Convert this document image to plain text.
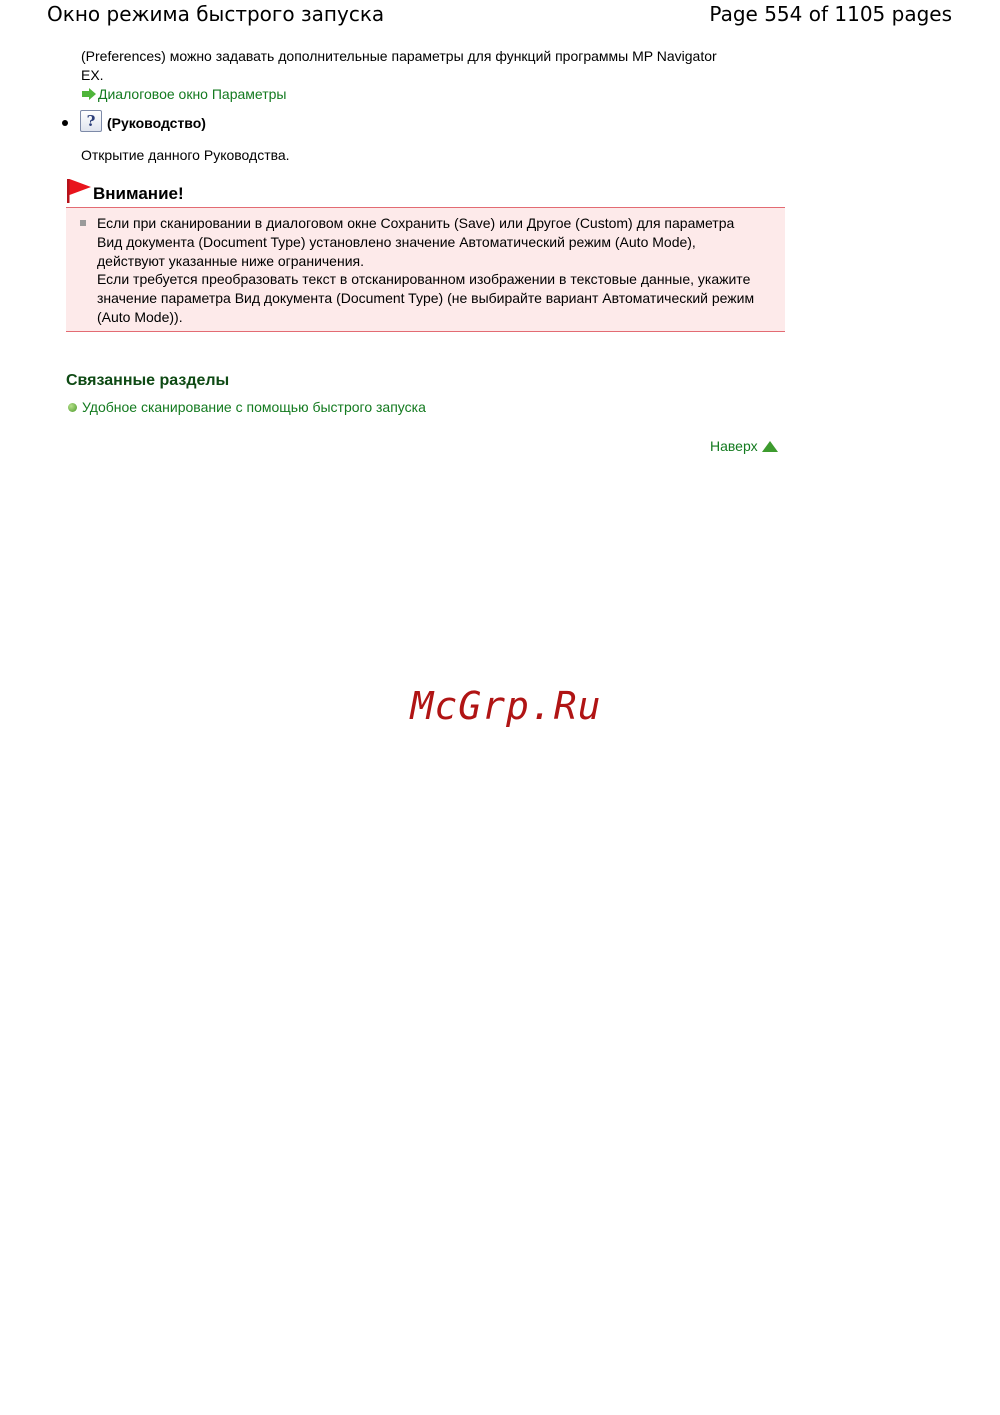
Окно режима быстрого запуска	Page 554 of 1105 pages
(Preferences) можно задавать дополнительные параметры для функций программы MP Navigator EX.
Диалоговое окно Параметры
? (Руководство)
Открытие данного Руководства.
Внимание!

Если при сканировании в диалоговом окне Сохранить (Save) или Другое (Custom) для параметра Вид документа (Document Type) установлено значение Автоматический режим (Auto Mode), действуют указанные ниже ограничения.

Если требуется преобразовать текст в отсканированном изображении в текстовые данные, укажите значение параметра Вид документа (Document Type) (не выбирайте вариант Автоматический режим (Auto Mode)).

Связанные разделы
Удобное сканирование с помощью быстрого запуска
Наверх
McGrp.Ru
